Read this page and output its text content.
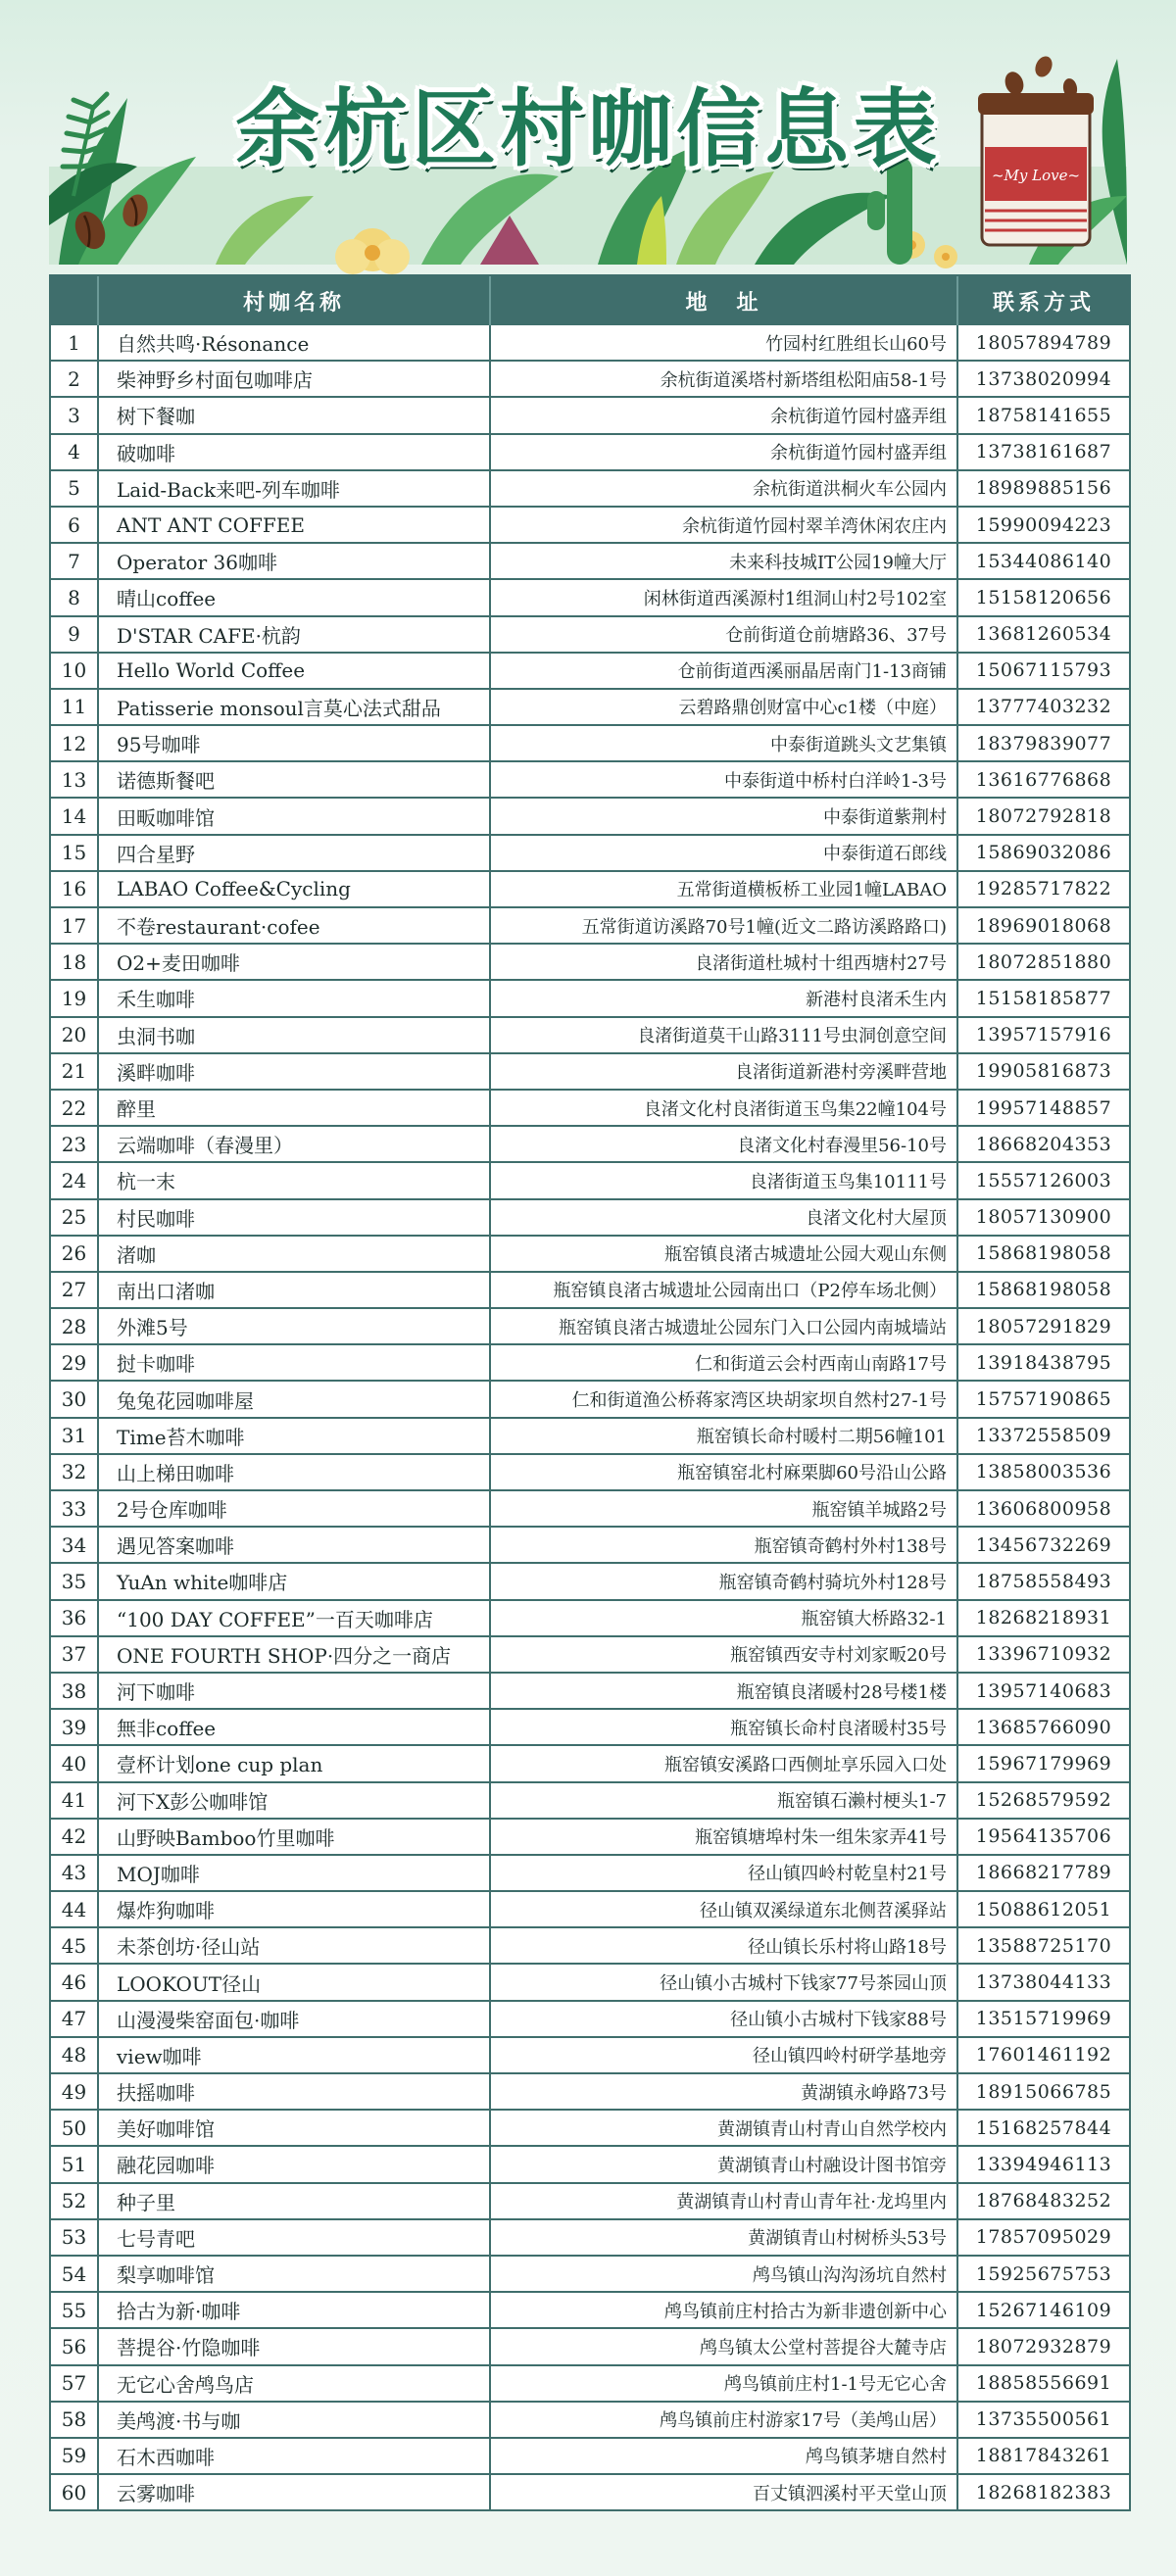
~My Love~
余杭区村咖信息表
	村咖名称	地　址	联系方式
1	自然共鸣·Résonance	竹园村红胜组长山60号	18057894789
2	柴神野乡村面包咖啡店	余杭街道溪塔村新塔组松阳庙58-1号	13738020994
3	树下餐咖	余杭街道竹园村盛弄组	18758141655
4	破咖啡	余杭街道竹园村盛弄组	13738161687
5	Laid-Back来吧-列车咖啡	余杭街道洪桐火车公园内	18989885156
6	ANT ANT COFFEE	余杭街道竹园村翠羊湾休闲农庄内	15990094223
7	Operator 36咖啡	未来科技城IT公园19幢大厅	15344086140
8	晴山coffee	闲林街道西溪源村1组洞山村2号102室	15158120656
9	D'STAR CAFE·杭韵	仓前街道仓前塘路36、37号	13681260534
10	Hello World Coffee	仓前街道西溪丽晶居南门1-13商铺	15067115793
11	Patisserie monsoul言莫心法式甜品	云碧路鼎创财富中心c1楼（中庭）	13777403232
12	95号咖啡	中泰街道跳头文艺集镇	18379839077
13	诺德斯餐吧	中泰街道中桥村白洋岭1-3号	13616776868
14	田畈咖啡馆	中泰街道紫荆村	18072792818
15	四合星野	中泰街道石郎线	15869032086
16	LABAO Coffee&Cycling	五常街道横板桥工业园1幢LABAO	19285717822
17	不卷restaurant·cofee	五常街道访溪路70号1幢(近文二路访溪路路口)	18969018068
18	O2+麦田咖啡	良渚街道杜城村十组西塘村27号	18072851880
19	禾生咖啡	新港村良渚禾生内	15158185877
20	虫洞书咖	良渚街道莫干山路3111号虫洞创意空间	13957157916
21	溪畔咖啡	良渚街道新港村旁溪畔营地	19905816873
22	醉里	良渚文化村良渚街道玉鸟集22幢104号	19957148857
23	云端咖啡（春漫里）	良渚文化村春漫里56-10号	18668204353
24	杭一末	良渚街道玉鸟集10111号	15557126003
25	村民咖啡	良渚文化村大屋顶	18057130900
26	渚咖	瓶窑镇良渚古城遗址公园大观山东侧	15868198058
27	南出口渚咖	瓶窑镇良渚古城遗址公园南出口（P2停车场北侧）	15868198058
28	外滩5号	瓶窑镇良渚古城遗址公园东门入口公园内南城墙站	18057291829
29	挝卡咖啡	仁和街道云会村西南山南路17号	13918438795
30	兔兔花园咖啡屋	仁和街道渔公桥蒋家湾区块胡家坝自然村27-1号	15757190865
31	Time苔木咖啡	瓶窑镇长命村暖村二期56幢101	13372558509
32	山上梯田咖啡	瓶窑镇窑北村麻栗脚60号沿山公路	13858003536
33	2号仓库咖啡	瓶窑镇羊城路2号	13606800958
34	遇见答案咖啡	瓶窑镇奇鹤村外村138号	13456732269
35	YuAn white咖啡店	瓶窑镇奇鹤村骑坑外村128号	18758558493
36	“100 DAY COFFEE”一百天咖啡店	瓶窑镇大桥路32-1	18268218931
37	ONE FOURTH SHOP·四分之一商店	瓶窑镇西安寺村刘家畈20号	13396710932
38	河下咖啡	瓶窑镇良渚暖村28号楼1楼	13957140683
39	無非coffee	瓶窑镇长命村良渚暖村35号	13685766090
40	壹杯计划one cup plan	瓶窑镇安溪路口西侧址享乐园入口处	15967179969
41	河下X彭公咖啡馆	瓶窑镇石濑村梗头1-7	15268579592
42	山野映Bamboo竹里咖啡	瓶窑镇塘埠村朱一组朱家弄41号	19564135706
43	MOJ咖啡	径山镇四岭村乾皇村21号	18668217789
44	爆炸狗咖啡	径山镇双溪绿道东北侧苕溪驿站	15088612051
45	未茶创坊·径山站	径山镇长乐村将山路18号	13588725170
46	LOOKOUT径山	径山镇小古城村下钱家77号茶园山顶	13738044133
47	山漫漫柴窑面包·咖啡	径山镇小古城村下钱家88号	13515719969
48	view咖啡	径山镇四岭村研学基地旁	17601461192
49	扶摇咖啡	黄湖镇永峥路73号	18915066785
50	美好咖啡馆	黄湖镇青山村青山自然学校内	15168257844
51	融花园咖啡	黄湖镇青山村融设计图书馆旁	13394946113
52	种子里	黄湖镇青山村青山青年社·龙坞里内	18768483252
53	七号青吧	黄湖镇青山村树桥头53号	17857095029
54	梨享咖啡馆	鸬鸟镇山沟沟汤坑自然村	15925675753
55	拾古为新·咖啡	鸬鸟镇前庄村拾古为新非遗创新中心	15267146109
56	菩提谷·竹隐咖啡	鸬鸟镇太公堂村菩提谷大麓寺店	18072932879
57	无它心舍鸬鸟店	鸬鸟镇前庄村1-1号无它心舍	18858556691
58	美鸬渡·书与咖	鸬鸟镇前庄村游家17号（美鸬山居）	13735500561
59	石木西咖啡	鸬鸟镇茅塘自然村	18817843261
60	云雾咖啡	百丈镇泗溪村平天堂山顶	18268182383
